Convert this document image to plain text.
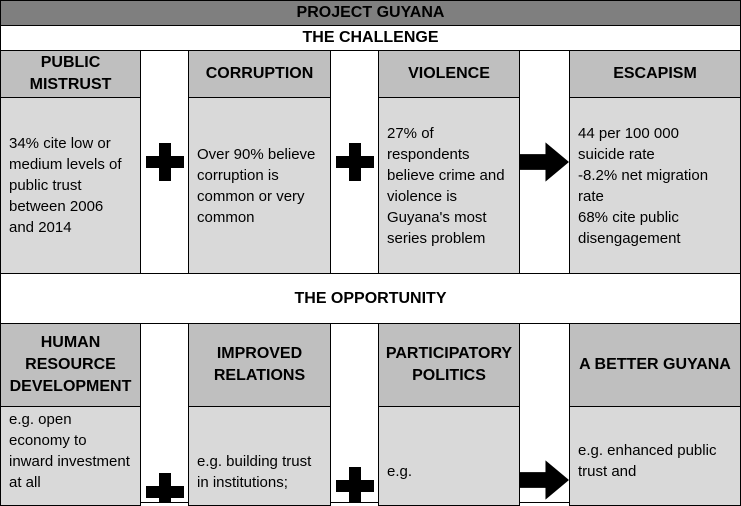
PROJECT GUYANA
THE CHALLENGE
PUBLIC
MISTRUST
CORRUPTION	VIOLENCE	ESCAPISM
34% cite low or medium levels of public trust between 2006 and 2014
Over 90% believe corruption is common or very common
27% of respondents believe crime and violence is Guyana's most series problem
44 per 100 000
suicide rate
-8.2% net migration rate
68% cite public disengagement
THE OPPORTUNITY
HUMAN
RESOURCE
DEVELOPMENT
IMPROVED
RELATIONS
PARTICIPATORY
POLITICS
A BETTER GUYANA
e.g. open economy to inward investment at all
e.g. building trust in institutions;
e.g.
e.g. enhanced public trust and
